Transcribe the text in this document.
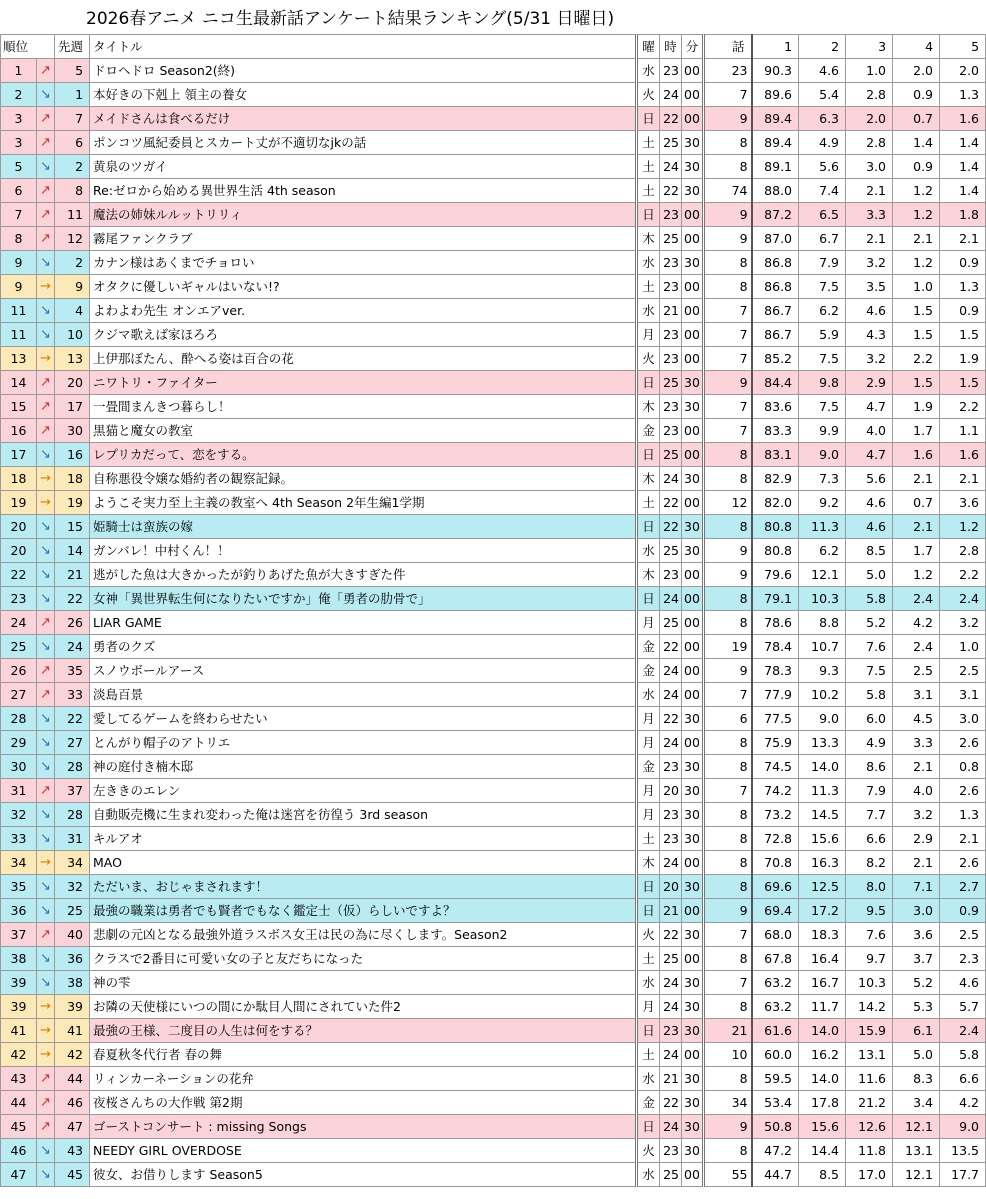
2026春アニメ ニコ生最新話アンケート結果ランキング(5/31 日曜日)
順位		先週	タイトル	曜	時	分	話	1	2	3	4	5
1	↗	5	ドロヘドロ Season2(終)	水	23	00	23	90.3	4.6	1.0	2.0	2.0
2	↘	1	本好きの下剋上 領主の養女	火	24	00	7	89.6	5.4	2.8	0.9	1.3
3	↗	7	メイドさんは食べるだけ	日	22	00	9	89.4	6.3	2.0	0.7	1.6
3	↗	6	ポンコツ風紀委員とスカート丈が不適切なjkの話	土	25	30	8	89.4	4.9	2.8	1.4	1.4
5	↘	2	黄泉のツガイ	土	24	30	8	89.1	5.6	3.0	0.9	1.4
6	↗	8	Re:ゼロから始める異世界生活 4th season	土	22	30	74	88.0	7.4	2.1	1.2	1.4
7	↗	11	魔法の姉妹ルルットリリィ	日	23	00	9	87.2	6.5	3.3	1.2	1.8
8	↗	12	霧尾ファンクラブ	木	25	00	9	87.0	6.7	2.1	2.1	2.1
9	↘	2	カナン様はあくまでチョロい	水	23	30	8	86.8	7.9	3.2	1.2	0.9
9	→	9	オタクに優しいギャルはいない!?	土	23	00	8	86.8	7.5	3.5	1.0	1.3
11	↘	4	よわよわ先生 オンエアver.	水	21	00	7	86.7	6.2	4.6	1.5	0.9
11	↘	10	クジマ歌えば家ほろろ	月	23	00	7	86.7	5.9	4.3	1.5	1.5
13	→	13	上伊那ぼたん、酔へる姿は百合の花	火	23	00	7	85.2	7.5	3.2	2.2	1.9
14	↗	20	ニワトリ・ファイター	日	25	30	9	84.4	9.8	2.9	1.5	1.5
15	↗	17	一畳間まんきつ暮らし！	木	23	30	7	83.6	7.5	4.7	1.9	2.2
16	↗	30	黒猫と魔女の教室	金	23	00	7	83.3	9.9	4.0	1.7	1.1
17	↘	16	レプリカだって、恋をする。	日	25	00	8	83.1	9.0	4.7	1.6	1.6
18	→	18	自称悪役令嬢な婚約者の観察記録。	木	24	30	8	82.9	7.3	5.6	2.1	2.1
19	→	19	ようこそ実力至上主義の教室へ 4th Season 2年生編1学期	土	22	00	12	82.0	9.2	4.6	0.7	3.6
20	↘	15	姫騎士は蛮族の嫁	日	22	30	8	80.8	11.3	4.6	2.1	1.2
20	↘	14	ガンバレ！中村くん！！	水	25	30	9	80.8	6.2	8.5	1.7	2.8
22	↘	21	逃がした魚は大きかったが釣りあげた魚が大きすぎた件	木	23	00	9	79.6	12.1	5.0	1.2	2.2
23	↘	22	女神「異世界転生何になりたいですか」俺「勇者の肋骨で」	日	24	00	8	79.1	10.3	5.8	2.4	2.4
24	↗	26	LIAR GAME	月	25	00	8	78.6	8.8	5.2	4.2	3.2
25	↘	24	勇者のクズ	金	22	00	19	78.4	10.7	7.6	2.4	1.0
26	↗	35	スノウボールアース	金	24	00	9	78.3	9.3	7.5	2.5	2.5
27	↗	33	淡島百景	水	24	00	7	77.9	10.2	5.8	3.1	3.1
28	↘	22	愛してるゲームを終わらせたい	月	22	30	6	77.5	9.0	6.0	4.5	3.0
29	↘	27	とんがり帽子のアトリエ	月	24	00	8	75.9	13.3	4.9	3.3	2.6
30	↘	28	神の庭付き楠木邸	金	23	30	8	74.5	14.0	8.6	2.1	0.8
31	↗	37	左ききのエレン	月	20	30	7	74.2	11.3	7.9	4.0	2.6
32	↘	28	自動販売機に生まれ変わった俺は迷宮を彷徨う 3rd season	月	23	30	8	73.2	14.5	7.7	3.2	1.3
33	↘	31	キルアオ	土	23	30	8	72.8	15.6	6.6	2.9	2.1
34	→	34	MAO	木	24	00	8	70.8	16.3	8.2	2.1	2.6
35	↘	32	ただいま、おじゃまされます！	日	20	30	8	69.6	12.5	8.0	7.1	2.7
36	↘	25	最強の職業は勇者でも賢者でもなく鑑定士（仮）らしいですよ？	日	21	00	9	69.4	17.2	9.5	3.0	0.9
37	↗	40	悲劇の元凶となる最強外道ラスボス女王は民の為に尽くします。Season2	火	22	30	7	68.0	18.3	7.6	3.6	2.5
38	↘	36	クラスで2番目に可愛い女の子と友だちになった	土	25	00	8	67.8	16.4	9.7	3.7	2.3
39	↘	38	神の雫	水	24	30	7	63.2	16.7	10.3	5.2	4.6
39	→	39	お隣の天使様にいつの間にか駄目人間にされていた件2	月	24	30	8	63.2	11.7	14.2	5.3	5.7
41	→	41	最強の王様、二度目の人生は何をする？	日	23	30	21	61.6	14.0	15.9	6.1	2.4
42	→	42	春夏秋冬代行者 春の舞	土	24	00	10	60.0	16.2	13.1	5.0	5.8
43	↗	44	リィンカーネーションの花弁	水	21	30	8	59.5	14.0	11.6	8.3	6.6
44	↗	46	夜桜さんちの大作戦 第2期	金	22	30	34	53.4	17.8	21.2	3.4	4.2
45	↗	47	ゴーストコンサート : missing Songs	日	24	30	9	50.8	15.6	12.6	12.1	9.0
46	↘	43	NEEDY GIRL OVERDOSE	火	23	30	8	47.2	14.4	11.8	13.1	13.5
47	↘	45	彼女、お借りします Season5	水	25	00	55	44.7	8.5	17.0	12.1	17.7
